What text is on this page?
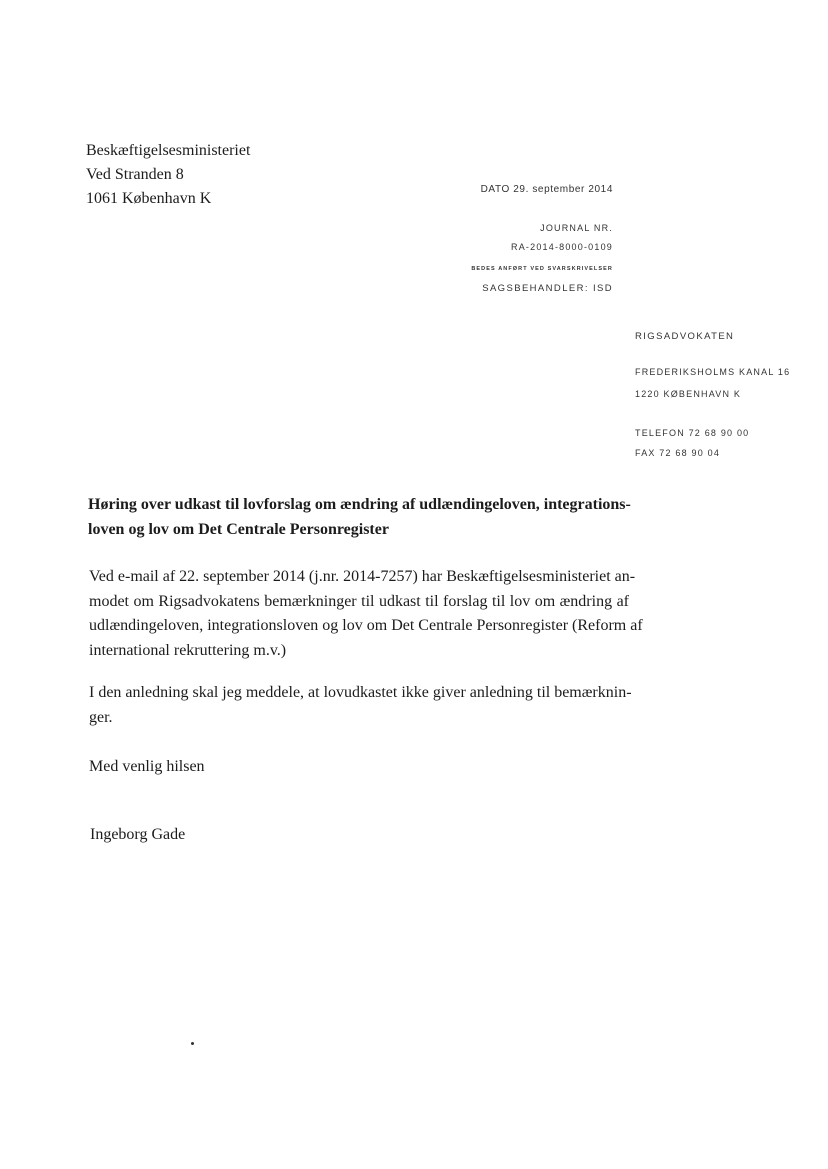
Beskæftigelsesministeriet
Ved Stranden 8
1061 København K
DATO 29. september 2014
JOURNAL NR.
RA-2014-8000-0109
BEDES ANFØRT VED SVARSKRIVELSER
SAGSBEHANDLER: ISD
RIGSADVOKATEN
FREDERIKSHOLMS KANAL 16
1220 KØBENHAVN K
TELEFON 72 68 90 00
FAX 72 68 90 04
Høring over udkast til lovforslag om ændring af udlændingeloven, integrations-
loven og lov om Det Centrale Personregister
Ved e-mail af 22. september 2014 (j.nr. 2014-7257) har Beskæftigelsesministeriet an-
modet om Rigsadvokatens bemærkninger til udkast til forslag til lov om ændring af
udlændingeloven, integrationsloven og lov om Det Centrale Personregister (Reform af
international rekruttering m.v.)
I den anledning skal jeg meddele, at lovudkastet ikke giver anledning til bemærknin-
ger.
Med venlig hilsen
Ingeborg Gade
